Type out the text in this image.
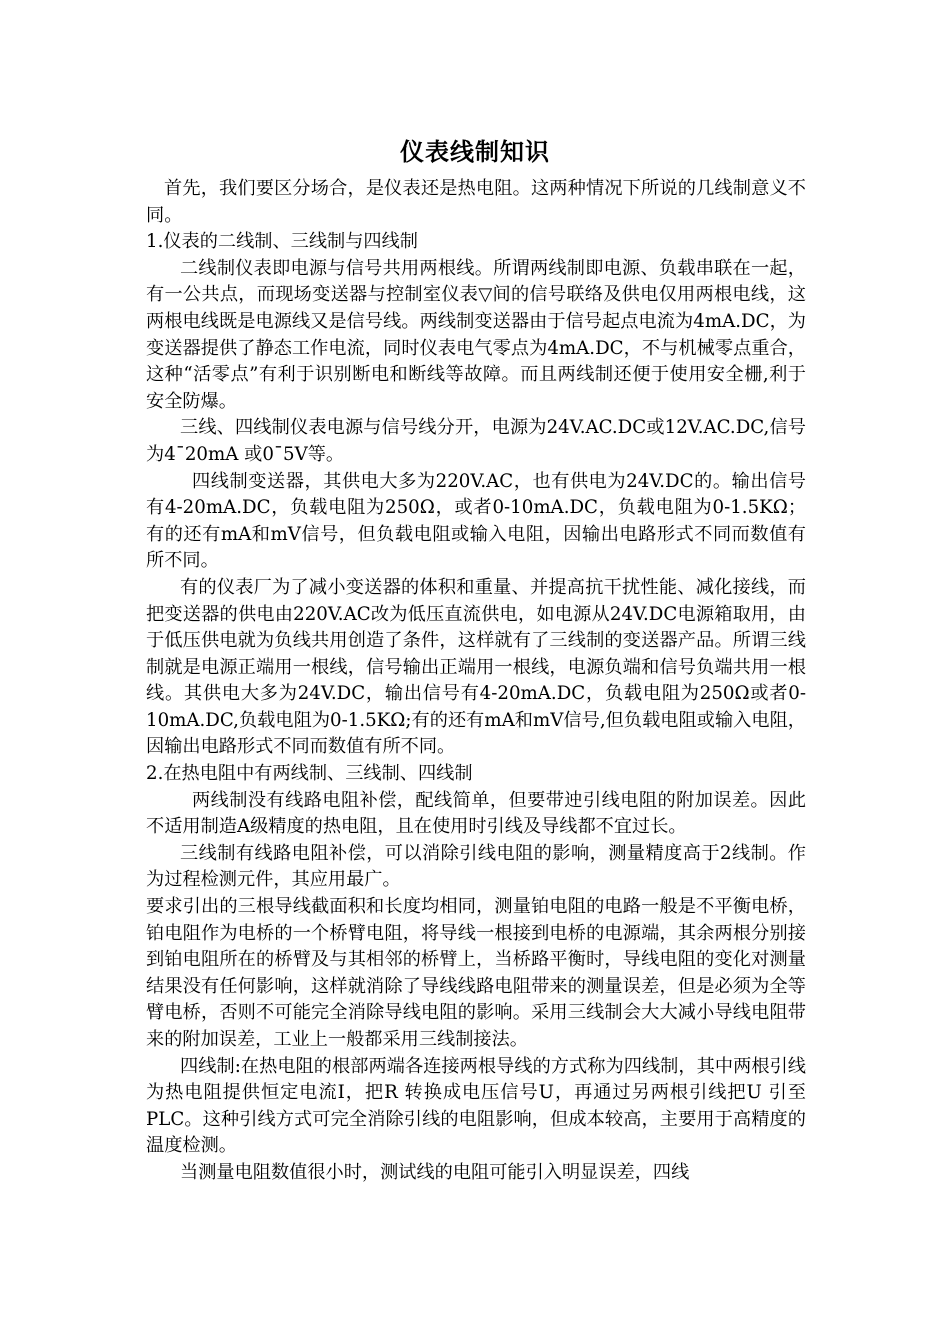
仪表线制知识

首先，我们要区分场合，是仪表还是热电阻。这两种情况下所说的几线制意义不同。

1.仪表的二线制、三线制与四线制

二线制仪表即电源与信号共用两根线。所谓两线制即电源、负载串联在一起，有一公共点，而现场变送器与控制室仪表▽间的信号联络及供电仅用两根电线，这两根电线既是电源线又是信号线。两线制变送器由于信号起点电流为4mA.DC，为变送器提供了静态工作电流，同时仪表电气零点为4mA.DC，不与机械零点重合，这种“活零点”有利于识别断电和断线等故障。而且两线制还便于使用安全栅,利于安全防爆。

三线、四线制仪表电源与信号线分开，电源为24V.AC.DC或12V.AC.DC,信号为4¯20mA 或0¯5V等。

四线制变送器，其供电大多为220V.AC，也有供电为24V.DC的。输出信号有4-20mA.DC，负载电阻为250Ω，或者0-10mA.DC，负载电阻为0-1.5KΩ；有的还有mA和mV信号，但负载电阻或输入电阻，因输出电路形式不同而数值有所不同。

有的仪表厂为了减小变送器的体积和重量、并提高抗干扰性能、减化接线，而把变送器的供电由220V.AC改为低压直流供电，如电源从24V.DC电源箱取用，由于低压供电就为负线共用创造了条件，这样就有了三线制的变送器产品。所谓三线制就是电源正端用一根线，信号输出正端用一根线，电源负端和信号负端共用一根线。其供电大多为24V.DC，输出信号有4-20mA.DC，负载电阻为250Ω或者0-10mA.DC,负载电阻为0-1.5KΩ;有的还有mA和mV信号,但负载电阻或输入电阻，因输出电路形式不同而数值有所不同。

2.在热电阻中有两线制、三线制、四线制

两线制没有线路电阻补偿，配线简单，但要带迚引线电阻的附加误差。因此不适用制造A级精度的热电阻，且在使用时引线及导线都不宜过长。

三线制有线路电阻补偿，可以消除引线电阻的影响，测量精度高于2线制。作为过程检测元件，其应用最广。

要求引出的三根导线截面积和长度均相同，测量铂电阻的电路一般是不平衡电桥，铂电阻作为电桥的一个桥臂电阻，将导线一根接到电桥的电源端，其余两根分别接到铂电阻所在的桥臂及与其相邻的桥臂上，当桥路平衡时，导线电阻的变化对测量结果没有任何影响，这样就消除了导线线路电阻带来的测量误差，但是必须为全等臂电桥，否则不可能完全消除导线电阻的影响。采用三线制会大大减小导线电阻带来的附加误差，工业上一般都采用三线制接法。

四线制:在热电阻的根部两端各连接两根导线的方式称为四线制，其中两根引线为热电阻提供恒定电流I，把R 转换成电压信号U，再通过另两根引线把U 引至PLC。这种引线方式可完全消除引线的电阻影响，但成本较高，主要用于高精度的温度检测。

当测量电阻数值很小时，测试线的电阻可能引入明显误差，四线
